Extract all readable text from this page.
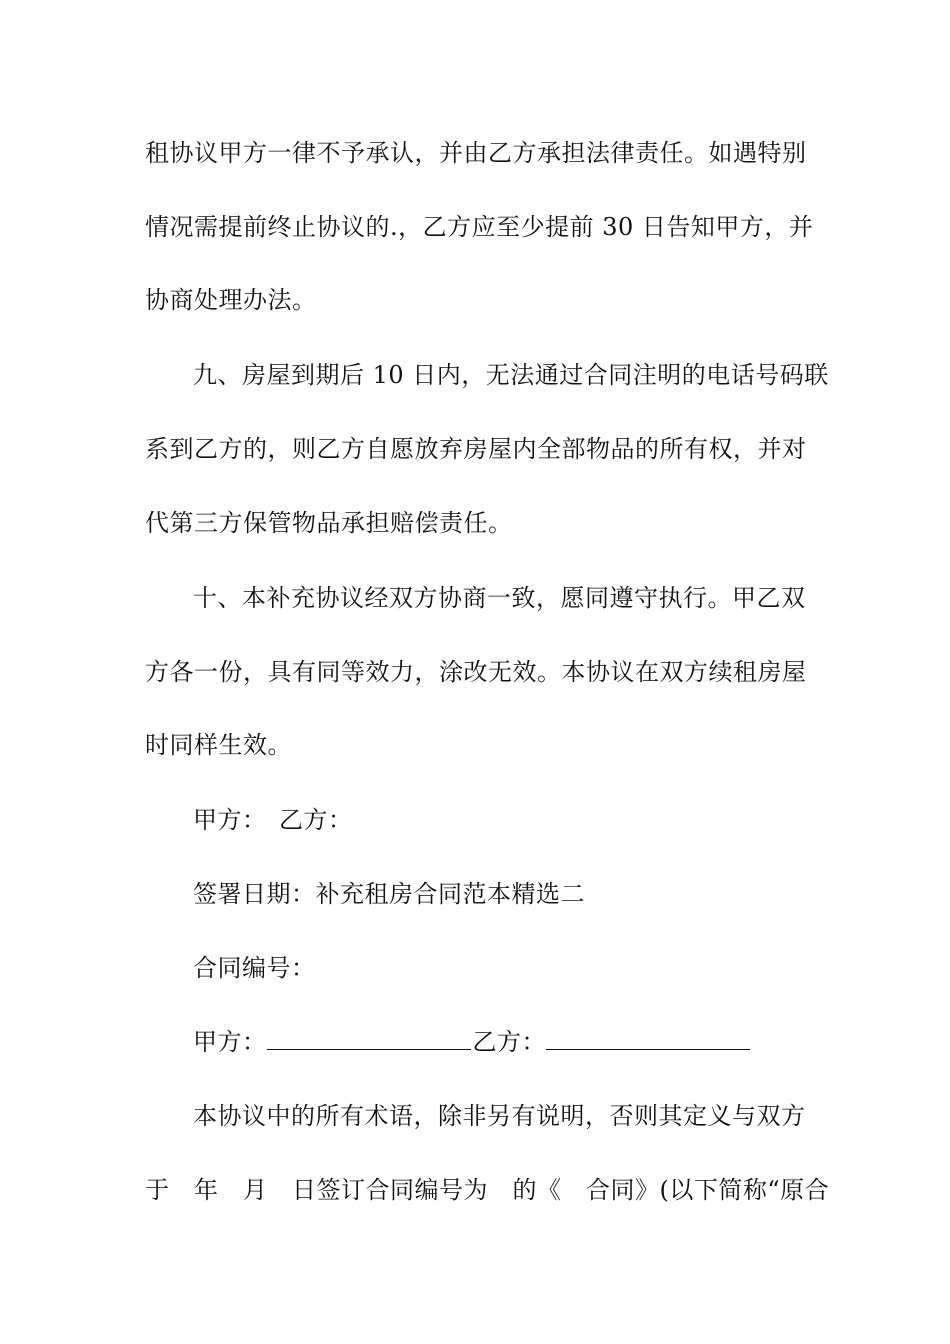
租协议甲方一律不予承认，并由乙方承担法律责任。如遇特别
情况需提前终止协议的.，乙方应至少提前 30 日告知甲方，并
协商处理办法。
九、房屋到期后 10 日内，无法通过合同注明的电话号码联
系到乙方的，则乙方自愿放弃房屋内全部物品的所有权，并对
代第三方保管物品承担赔偿责任。
十、本补充协议经双方协商一致，愿同遵守执行。甲乙双
方各一份，具有同等效力，涂改无效。本协议在双方续租房屋
时同样生效。
甲方：　乙方：
签署日期：补充租房合同范本精选二
合同编号：
甲方：	乙方：
本协议中的所有术语，除非另有说明，否则其定义与双方
于　年　月　日签订合同编号为　的《　合同》(以下简称“原合
